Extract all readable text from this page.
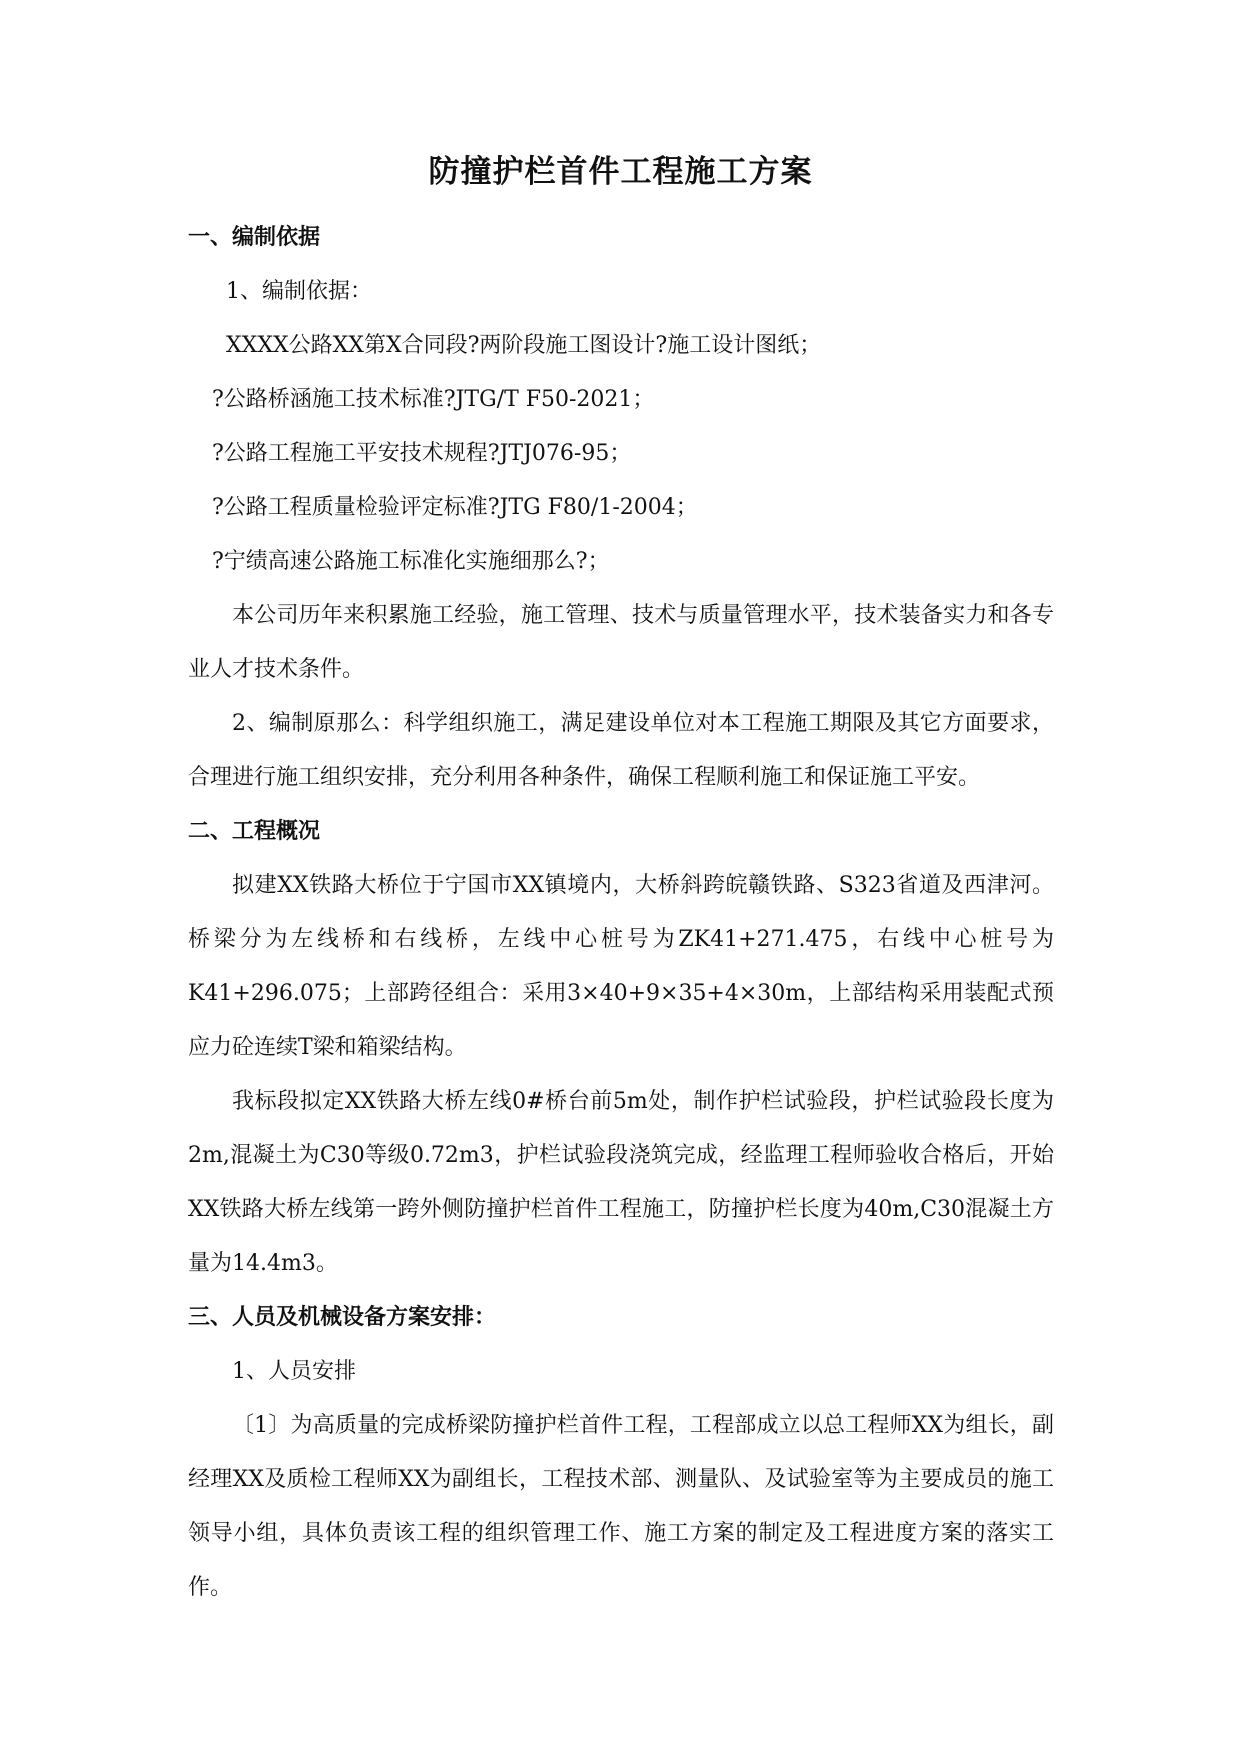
防撞护栏首件工程施工方案
一、编制依据
1、编制依据：
XXXX公路XX第X合同段?两阶段施工图设计?施工设计图纸；
?公路桥涵施工技术标准?JTG/T F50-2021；
?公路工程施工平安技术规程?JTJ076-95；
?公路工程质量检验评定标准?JTG F80/1-2004；
?宁绩高速公路施工标准化实施细那么?；
本公司历年来积累施工经验，施工管理、技术与质量管理水平，技术装备实力和各专业人才技术条件。
2、编制原那么：科学组织施工，满足建设单位对本工程施工期限及其它方面要求，合理进行施工组织安排，充分利用各种条件，确保工程顺利施工和保证施工平安。
二、工程概况
拟建XX铁路大桥位于宁国市XX镇境内，大桥斜跨皖赣铁路、S323省道及西津河。桥梁分为左线桥和右线桥，左线中心桩号为ZK41+271.475，右线中心桩号为K41+296.075；上部跨径组合：采用3×40+9×35+4×30m，上部结构采用装配式预应力砼连续T梁和箱梁结构。
我标段拟定XX铁路大桥左线0#桥台前5m处，制作护栏试验段，护栏试验段长度为2m,混凝土为C30等级0.72m3，护栏试验段浇筑完成，经监理工程师验收合格后，开始XX铁路大桥左线第一跨外侧防撞护栏首件工程施工，防撞护栏长度为40m,C30混凝土方量为14.4m3。
三、人员及机械设备方案安排：
1、人员安排
〔1〕为高质量的完成桥梁防撞护栏首件工程，工程部成立以总工程师XX为组长，副经理XX及质检工程师XX为副组长，工程技术部、测量队、及试验室等为主要成员的施工领导小组，具体负责该工程的组织管理工作、施工方案的制定及工程进度方案的落实工作。
